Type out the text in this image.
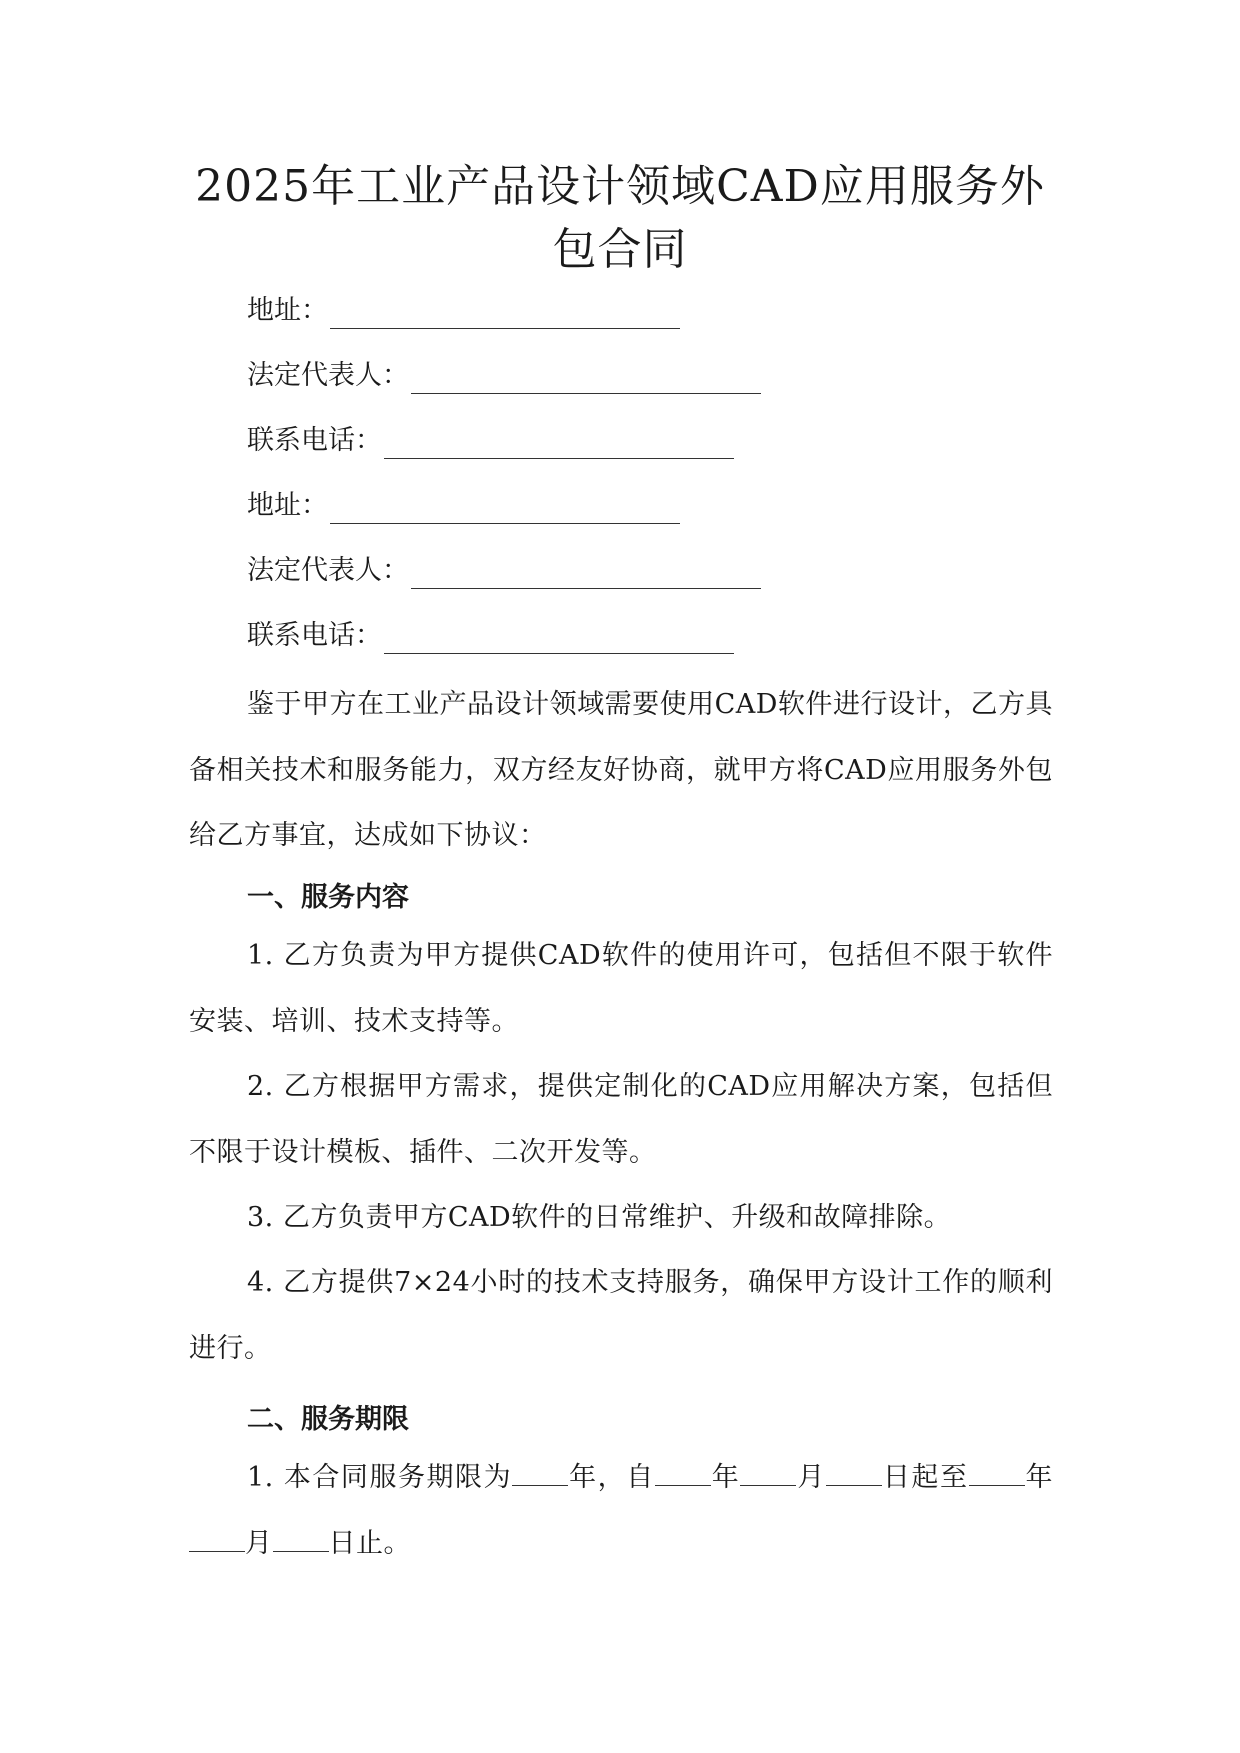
2025年工业产品设计领域CAD应用服务外
包合同
地址：
法定代表人：
联系电话：
地址：
法定代表人：
联系电话：

鉴于甲方在工业产品设计领域需要使用CAD软件进行设计，乙方具备相关技术和服务能力，双方经友好协商，就甲方将CAD应用服务外包给乙方事宜，达成如下协议：

一、服务内容

1. 乙方负责为甲方提供CAD软件的使用许可，包括但不限于软件安装、培训、技术支持等。

2. 乙方根据甲方需求，提供定制化的CAD应用解决方案，包括但不限于设计模板、插件、二次开发等。

3. 乙方负责甲方CAD软件的日常维护、升级和故障排除。

4. 乙方提供7×24小时的技术支持服务，确保甲方设计工作的顺利进行。

二、服务期限

1. 本合同服务期限为 年，自 年 月 日起至 年月 日止。
